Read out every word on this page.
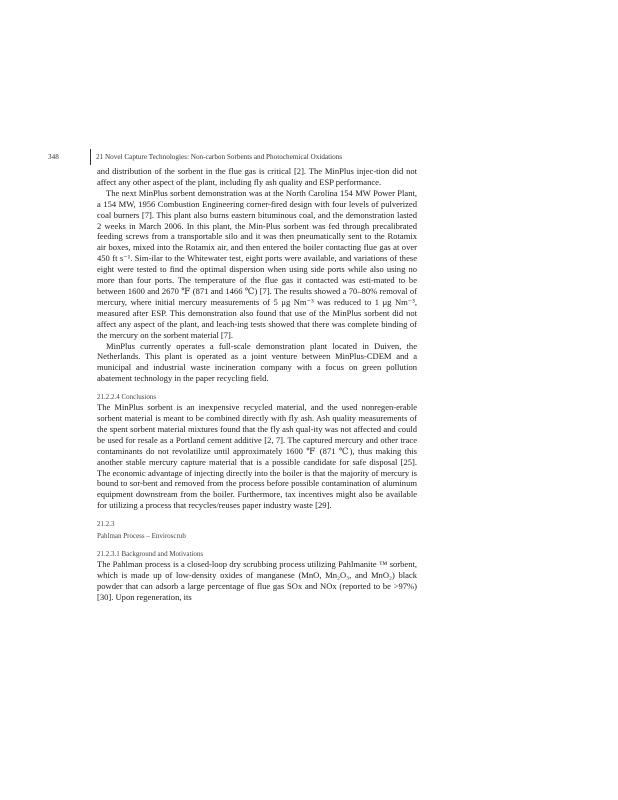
348	21 Novel Capture Technologies: Non-carbon Sorbents and Photochemical Oxidations

and distribution of the sorbent in the flue gas is critical [2]. The MinPlus injec-tion did not affect any other aspect of the plant, including fly ash quality and ESP performance.

The next MinPlus sorbent demonstration was at the North Carolina 154 MW Power Plant, a 154 MW, 1956 Combustion Engineering corner-fired design with four levels of pulverized coal burners [7]. This plant also burns eastern bituminous coal, and the demonstration lasted 2 weeks in March 2006. In this plant, the Min-Plus sorbent was fed through precalibrated feeding screws from a transportable silo and it was then pneumatically sent to the Rotamix air boxes, mixed into the Rotamix air, and then entered the boiler contacting flue gas at over 450 ft s⁻¹. Sim-ilar to the Whitewater test, eight ports were available, and variations of these eight were tested to find the optimal dispersion when using side ports while also using no more than four ports. The temperature of the flue gas it contacted was esti-mated to be between 1600 and 2670 ℉ (871 and 1466 ℃) [7]. The results showed a 70–80% removal of mercury, where initial mercury measurements of 5 μg Nm⁻³ was reduced to 1 μg Nm⁻³, measured after ESP. This demonstration also found that use of the MinPlus sorbent did not affect any aspect of the plant, and leach-ing tests showed that there was complete binding of the mercury on the sorbent material [7].

MinPlus currently operates a full-scale demonstration plant located in Duiven, the Netherlands. This plant is operated as a joint venture between MinPlus-CDEM and a municipal and industrial waste incineration company with a focus on green pollution abatement technology in the paper recycling field.

21.2.2.4 Conclusions

The MinPlus sorbent is an inexpensive recycled material, and the used nonregen-erable sorbent material is meant to be combined directly with fly ash. Ash quality measurements of the spent sorbent material mixtures found that the fly ash qual-ity was not affected and could be used for resale as a Portland cement additive [2, 7]. The captured mercury and other trace contaminants do not revolatilize until approximately 1600 ℉ (871 ℃), thus making this another stable mercury capture material that is a possible candidate for safe disposal [25]. The economic advantage of injecting directly into the boiler is that the majority of mercury is bound to sor-bent and removed from the process before possible contamination of aluminum equipment downstream from the boiler. Furthermore, tax incentives might also be available for utilizing a process that recycles/reuses paper industry waste [29].

21.2.3
Pahlman Process – Enviroscrub
21.2.3.1 Background and Motivations

The Pahlman process is a closed-loop dry scrubbing process utilizing Pahlmanite ™ sorbent, which is made up of low-density oxides of manganese (MnO, Mn₂O₃, and MnO₂) black powder that can adsorb a large percentage of flue gas SOx and NOx (reported to be >97%) [30]. Upon regeneration, its
